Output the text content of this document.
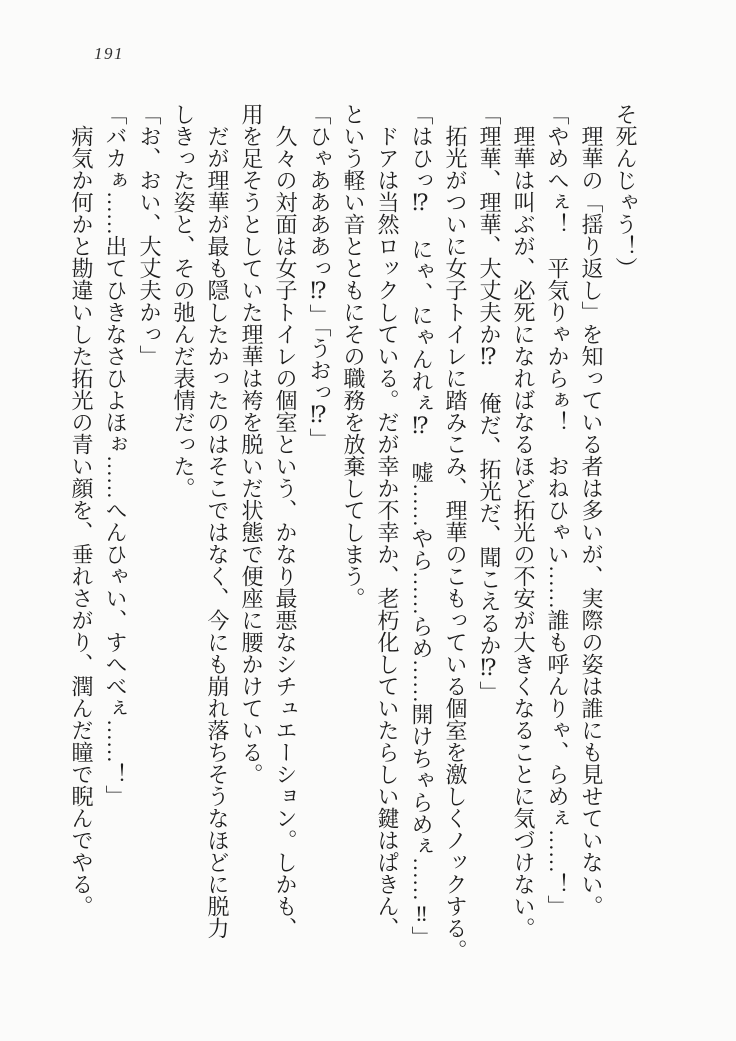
191

そ死んじゃう！）

　理華の「揺り返し」を知っている者は多いが、実際の姿は誰にも見せていない。

「やめへぇ！　平気りゃからぁ！　おねひゃい……誰も呼んりゃ、らめぇ……！」

　理華は叫ぶが、必死になればなるほど拓光の不安が大きくなることに気づけない。

「理華、理華、大丈夫か⁉　俺だ、拓光だ、聞こえるか⁉」

　拓光がついに女子トイレに踏みこみ、理華のこもっている個室を激しくノックする。

「はひっ⁉　にゃ、にゃんれぇ⁉　嘘……やら……らめ……開けちゃらめぇ……‼」

　ドアは当然ロックしている。だが幸か不幸か、老朽化していたらしい鍵はぱきん、

という軽い音とともにその職務を放棄してしまう。

「ひゃああああっ⁉」「うおっ⁉」

　久々の対面は女子トイレの個室という、かなり最悪なシチュエーション。しかも、

用を足そうとしていた理華は袴を脱いだ状態で便座に腰かけている。

　だが理華が最も隠したかったのはそこではなく、今にも崩れ落ちそうなほどに脱力

しきった姿と、その弛んだ表情だった。

「お、おい、大丈夫かっ」

「バカぁ……出てひきなさひよほぉ……へんひゃい、すへべぇ……！」

　病気か何かと勘違いした拓光の青い顔を、垂れさがり、潤んだ瞳で睨んでやる。
